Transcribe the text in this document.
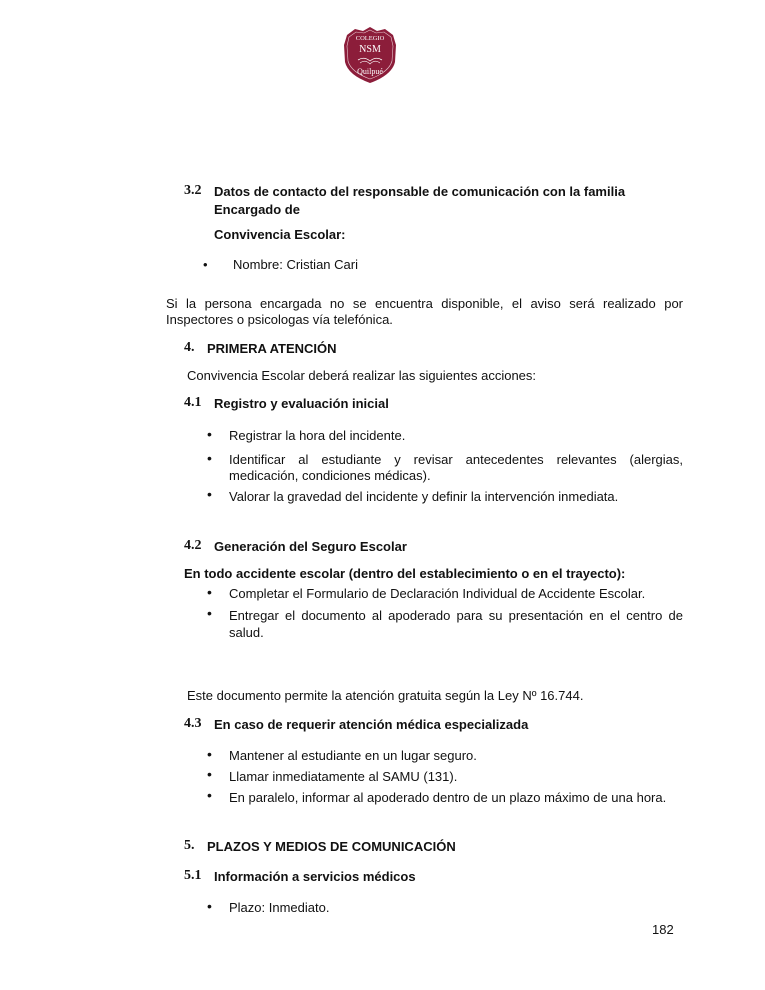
COLEGIO
NSM
Quilpué
3.2 Datos de contacto del responsable de comunicación con la familia
Encargado de
Convivencia Escolar:
• Nombre: Cristian Cari
Si la persona encargada no se encuentra disponible, el aviso será realizado por Inspectores o psicologas vía telefónica.
4. PRIMERA ATENCIÓN
Convivencia Escolar deberá realizar las siguientes acciones:
4.1 Registro y evaluación inicial
• Registrar la hora del incidente.
• Identificar al estudiante y revisar antecedentes relevantes (alergias, medicación, condiciones médicas).
• Valorar la gravedad del incidente y definir la intervención inmediata.
4.2 Generación del Seguro Escolar
En todo accidente escolar (dentro del establecimiento o en el trayecto):
• Completar el Formulario de Declaración Individual de Accidente Escolar.
• Entregar el documento al apoderado para su presentación en el centro de salud.
Este documento permite la atención gratuita según la Ley Nº 16.744.
4.3 En caso de requerir atención médica especializada
• Mantener al estudiante en un lugar seguro.
• Llamar inmediatamente al SAMU (131).
• En paralelo, informar al apoderado dentro de un plazo máximo de una hora.
5. PLAZOS Y MEDIOS DE COMUNICACIÓN
5.1 Información a servicios médicos
• Plazo: Inmediato.
182
